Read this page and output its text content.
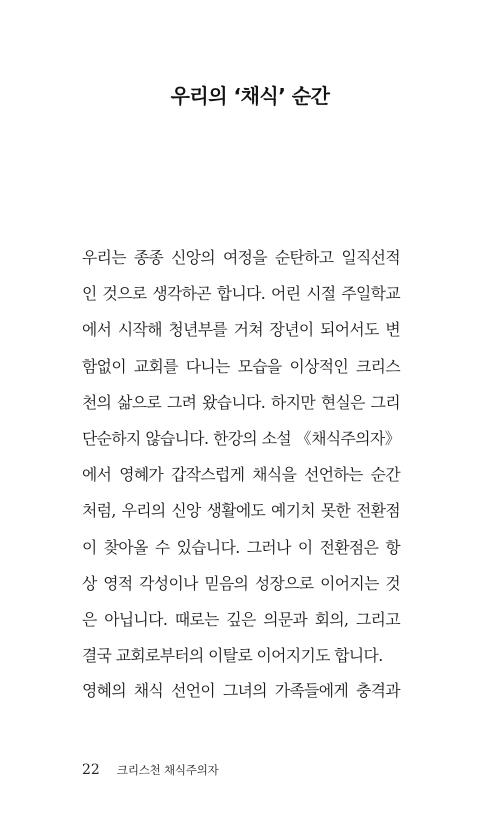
우리의 ‘채식’ 순간
우리는 종종 신앙의 여정을 순탄하고 일직선적
인 것으로 생각하곤 합니다. 어린 시절 주일학교
에서 시작해 청년부를 거쳐 장년이 되어서도 변
함없이 교회를 다니는 모습을 이상적인 크리스
천의 삶으로 그려 왔습니다. 하지만 현실은 그리
단순하지 않습니다. 한강의 소설 《채식주의자》
에서 영혜가 갑작스럽게 채식을 선언하는 순간
처럼, 우리의 신앙 생활에도 예기치 못한 전환점
이 찾아올 수 있습니다. 그러나 이 전환점은 항
상 영적 각성이나 믿음의 성장으로 이어지는 것
은 아닙니다. 때로는 깊은 의문과 회의, 그리고
결국 교회로부터의 이탈로 이어지기도 합니다.
영혜의 채식 선언이 그녀의 가족들에게 충격과
22 크리스천 채식주의자
